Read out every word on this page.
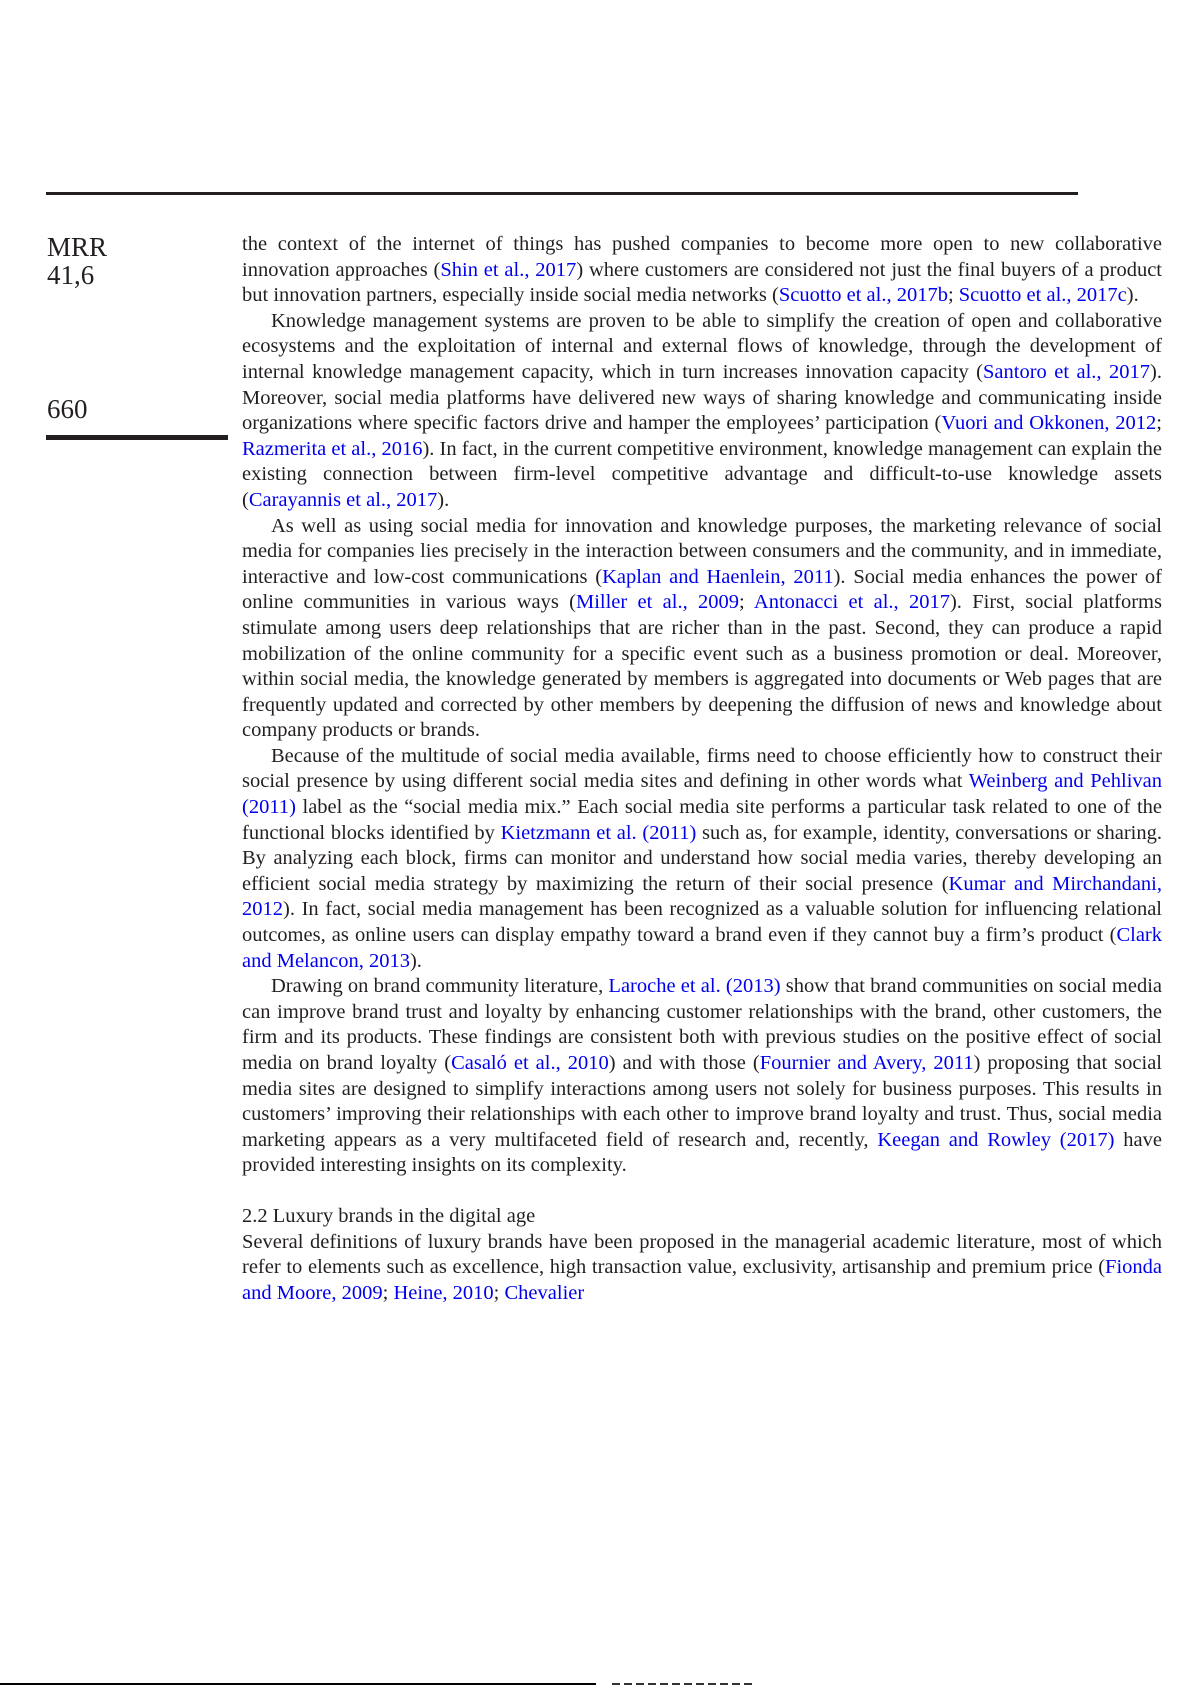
MRR
41,6
660

the context of the internet of things has pushed companies to become more open to new collaborative innovation approaches (Shin et al., 2017) where customers are considered not just the final buyers of a product but innovation partners, especially inside social media networks (Scuotto et al., 2017b; Scuotto et al., 2017c).

Knowledge management systems are proven to be able to simplify the creation of open and collaborative ecosystems and the exploitation of internal and external flows of knowledge, through the development of internal knowledge management capacity, which in turn increases innovation capacity (Santoro et al., 2017). Moreover, social media platforms have delivered new ways of sharing knowledge and communicating inside organizations where specific factors drive and hamper the employees’ participation (Vuori and Okkonen, 2012; Razmerita et al., 2016). In fact, in the current competitive environment, knowledge management can explain the existing connection between firm-level competitive advantage and difficult-to-use knowledge assets (Carayannis et al., 2017).

As well as using social media for innovation and knowledge purposes, the marketing relevance of social media for companies lies precisely in the interaction between consumers and the community, and in immediate, interactive and low-cost communications (Kaplan and Haenlein, 2011). Social media enhances the power of online communities in various ways (Miller et al., 2009; Antonacci et al., 2017). First, social platforms stimulate among users deep relationships that are richer than in the past. Second, they can produce a rapid mobilization of the online community for a specific event such as a business promotion or deal. Moreover, within social media, the knowledge generated by members is aggregated into documents or Web pages that are frequently updated and corrected by other members by deepening the diffusion of news and knowledge about company products or brands.

Because of the multitude of social media available, firms need to choose efficiently how to construct their social presence by using different social media sites and defining in other words what Weinberg and Pehlivan (2011) label as the “social media mix.” Each social media site performs a particular task related to one of the functional blocks identified by Kietzmann et al. (2011) such as, for example, identity, conversations or sharing. By analyzing each block, firms can monitor and understand how social media varies, thereby developing an efficient social media strategy by maximizing the return of their social presence (Kumar and Mirchandani, 2012). In fact, social media management has been recognized as a valuable solution for influencing relational outcomes, as online users can display empathy toward a brand even if they cannot buy a firm’s product (Clark and Melancon, 2013).

Drawing on brand community literature, Laroche et al. (2013) show that brand communities on social media can improve brand trust and loyalty by enhancing customer relationships with the brand, other customers, the firm and its products. These findings are consistent both with previous studies on the positive effect of social media on brand loyalty (Casaló et al., 2010) and with those (Fournier and Avery, 2011) proposing that social media sites are designed to simplify interactions among users not solely for business purposes. This results in customers’ improving their relationships with each other to improve brand loyalty and trust. Thus, social media marketing appears as a very multifaceted field of research and, recently, Keegan and Rowley (2017) have provided interesting insights on its complexity.

2.2 Luxury brands in the digital age

Several definitions of luxury brands have been proposed in the managerial academic literature, most of which refer to elements such as excellence, high transaction value, exclusivity, artisanship and premium price (Fionda and Moore, 2009; Heine, 2010; Chevalier
